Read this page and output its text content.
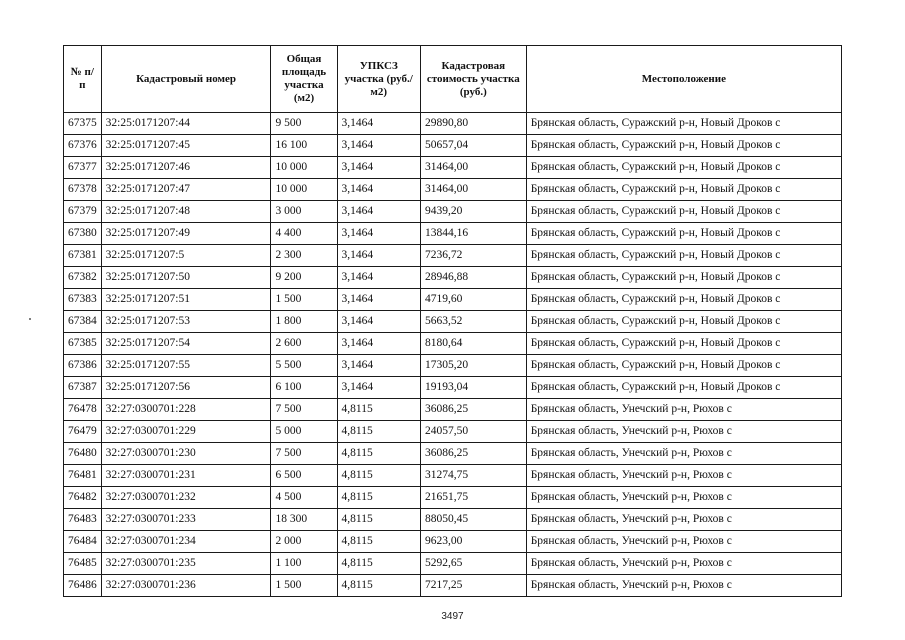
№ п/п	Кадастровый номер	Общая площадь участка (м2)	УПКСЗ участка (руб./м2)	Кадастровая стоимость участка (руб.)	Местоположение
67375	32:25:0171207:44	9 500	3,1464	29890,80	Брянская область, Суражский р-н, Новый Дроков с
67376	32:25:0171207:45	16 100	3,1464	50657,04	Брянская облaсть, Суражский р-н, Новый Дроков с
67377	32:25:0171207:46	10 000	3,1464	31464,00	Брянская область, Суражский р-н, Новый Дроков с
67378	32:25:0171207:47	10 000	3,1464	31464,00	Брянская область, Суражский р-н, Новый Дроков с
67379	32:25:0171207:48	3 000	3,1464	9439,20	Брянская область, Суражский р-н, Новый Дроков с
67380	32:25:0171207:49	4 400	3,1464	13844,16	Брянская область, Суражский р-н, Новый Дроков с
67381	32:25:0171207:5	2 300	3,1464	7236,72	Брянская область, Суражский р-н, Новый Дроков с
67382	32:25:0171207:50	9 200	3,1464	28946,88	Брянская область, Суражский р-н, Новый Дроков с
67383	32:25:0171207:51	1 500	3,1464	4719,60	Брянская область, Суражский р-н, Новый Дроков с
67384	32:25:0171207:53	1 800	3,1464	5663,52	Брянская область, Суражский р-н, Новый Дроков с
67385	32:25:0171207:54	2 600	3,1464	8180,64	Брянская область, Суражский р-н, Новый Дроков с
67386	32:25:0171207:55	5 500	3,1464	17305,20	Брянская область, Суражский р-н, Новый Дроков с
67387	32:25:0171207:56	6 100	3,1464	19193,04	Брянская область, Суражский р-н, Новый Дроков с
76478	32:27:0300701:228	7 500	4,8115	36086,25	Брянская область, Унечский р-н, Рюхов с
76479	32:27:0300701:229	5 000	4,8115	24057,50	Брянская область, Унечский р-н, Рюхов с
76480	32:27:0300701:230	7 500	4,8115	36086,25	Брянская область, Унечский р-н, Рюхов с
76481	32:27:0300701:231	6 500	4,8115	31274,75	Брянская область, Унечский р-н, Рюхов с
76482	32:27:0300701:232	4 500	4,8115	21651,75	Брянская область, Унечский р-н, Рюхов с
76483	32:27:0300701:233	18 300	4,8115	88050,45	Брянская область, Унечский р-н, Рюхов с
76484	32:27:0300701:234	2 000	4,8115	9623,00	Брянская область, Унечский р-н, Рюхов с
76485	32:27:0300701:235	1 100	4,8115	5292,65	Брянская область, Унечский р-н, Рюхов с
76486	32:27:0300701:236	1 500	4,8115	7217,25	Брянская область, Унечский р-н, Рюхов с
3497
